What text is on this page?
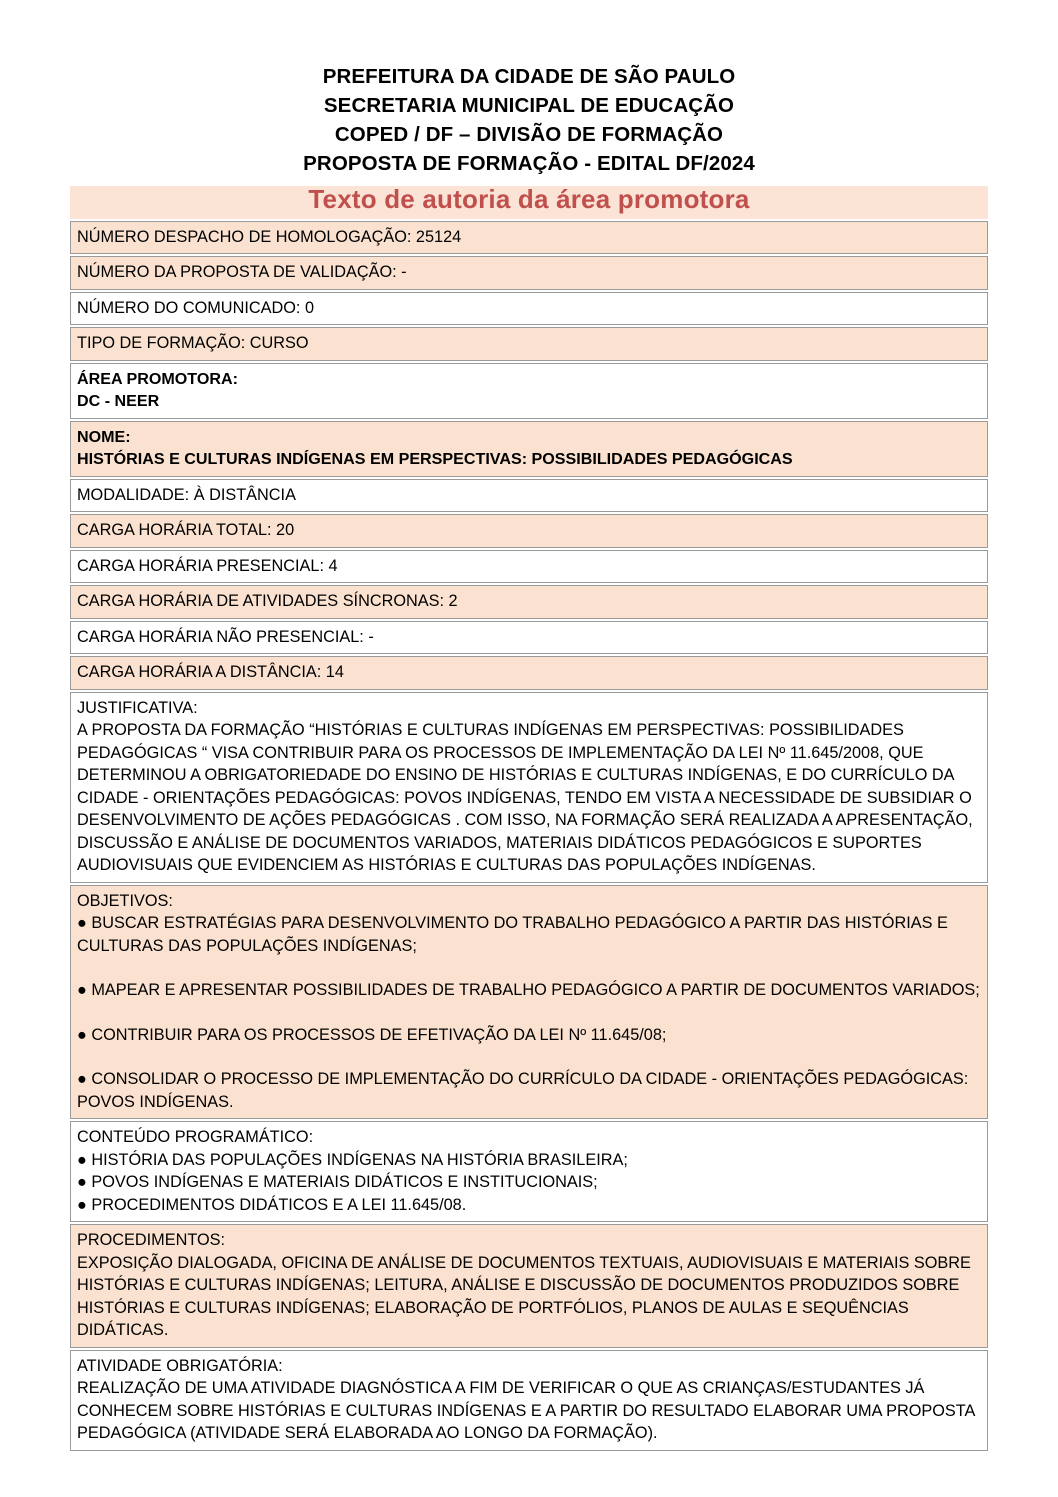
PREFEITURA DA CIDADE DE SÃO PAULO
SECRETARIA MUNICIPAL DE EDUCAÇÃO
COPED / DF – DIVISÃO DE FORMAÇÃO
PROPOSTA DE FORMAÇÃO - EDITAL DF/2024
Texto de autoria da área promotora
NÚMERO DESPACHO DE HOMOLOGAÇÃO: 25124
NÚMERO DA PROPOSTA DE VALIDAÇÃO: -
NÚMERO DO COMUNICADO: 0
TIPO DE FORMAÇÃO: CURSO

ÁREA PROMOTORA:
DC - NEER

NOME:
HISTÓRIAS E CULTURAS INDÍGENAS EM PERSPECTIVAS: POSSIBILIDADES PEDAGÓGICAS

MODALIDADE: À DISTÂNCIA
CARGA HORÁRIA TOTAL: 20
CARGA HORÁRIA PRESENCIAL: 4
CARGA HORÁRIA DE ATIVIDADES SÍNCRONAS: 2
CARGA HORÁRIA NÃO PRESENCIAL: -
CARGA HORÁRIA A DISTÂNCIA: 14

JUSTIFICATIVA:
A PROPOSTA DA FORMAÇÃO “HISTÓRIAS E CULTURAS INDÍGENAS EM PERSPECTIVAS: POSSIBILIDADES PEDAGÓGICAS “ VISA CONTRIBUIR PARA OS PROCESSOS DE IMPLEMENTAÇÃO DA LEI Nº 11.645/2008, QUE DETERMINOU A OBRIGATORIEDADE DO ENSINO DE HISTÓRIAS E CULTURAS INDÍGENAS, E DO CURRÍCULO DA CIDADE - ORIENTAÇÕES PEDAGÓGICAS: POVOS INDÍGENAS, TENDO EM VISTA A NECESSIDADE DE SUBSIDIAR O DESENVOLVIMENTO DE AÇÕES PEDAGÓGICAS . COM ISSO, NA FORMAÇÃO SERÁ REALIZADA A APRESENTAÇÃO, DISCUSSÃO E ANÁLISE DE DOCUMENTOS VARIADOS, MATERIAIS DIDÁTICOS PEDAGÓGICOS E SUPORTES AUDIOVISUAIS QUE EVIDENCIEM AS HISTÓRIAS E CULTURAS DAS POPULAÇÕES INDÍGENAS.

OBJETIVOS:
● BUSCAR ESTRATÉGIAS PARA DESENVOLVIMENTO DO TRABALHO PEDAGÓGICO A PARTIR DAS HISTÓRIAS E CULTURAS DAS POPULAÇÕES INDÍGENAS;
● MAPEAR E APRESENTAR POSSIBILIDADES DE TRABALHO PEDAGÓGICO A PARTIR DE DOCUMENTOS VARIADOS;
● CONTRIBUIR PARA OS PROCESSOS DE EFETIVAÇÃO DA LEI Nº 11.645/08;
● CONSOLIDAR O PROCESSO DE IMPLEMENTAÇÃO DO CURRÍCULO DA CIDADE - ORIENTAÇÕES PEDAGÓGICAS: POVOS INDÍGENAS.

CONTEÚDO PROGRAMÁTICO:
● HISTÓRIA DAS POPULAÇÕES INDÍGENAS NA HISTÓRIA BRASILEIRA;
● POVOS INDÍGENAS E MATERIAIS DIDÁTICOS E INSTITUCIONAIS;
● PROCEDIMENTOS DIDÁTICOS E A LEI 11.645/08.

PROCEDIMENTOS:
EXPOSIÇÃO DIALOGADA, OFICINA DE ANÁLISE DE DOCUMENTOS TEXTUAIS, AUDIOVISUAIS E MATERIAIS SOBRE HISTÓRIAS E CULTURAS INDÍGENAS; LEITURA, ANÁLISE E DISCUSSÃO DE DOCUMENTOS PRODUZIDOS SOBRE HISTÓRIAS E CULTURAS INDÍGENAS; ELABORAÇÃO DE PORTFÓLIOS, PLANOS DE AULAS E SEQUÊNCIAS DIDÁTICAS.

ATIVIDADE OBRIGATÓRIA:
REALIZAÇÃO DE UMA ATIVIDADE DIAGNÓSTICA A FIM DE VERIFICAR O QUE AS CRIANÇAS/ESTUDANTES JÁ CONHECEM SOBRE HISTÓRIAS E CULTURAS INDÍGENAS E A PARTIR DO RESULTADO ELABORAR UMA PROPOSTA PEDAGÓGICA (ATIVIDADE SERÁ ELABORADA AO LONGO DA FORMAÇÃO).
